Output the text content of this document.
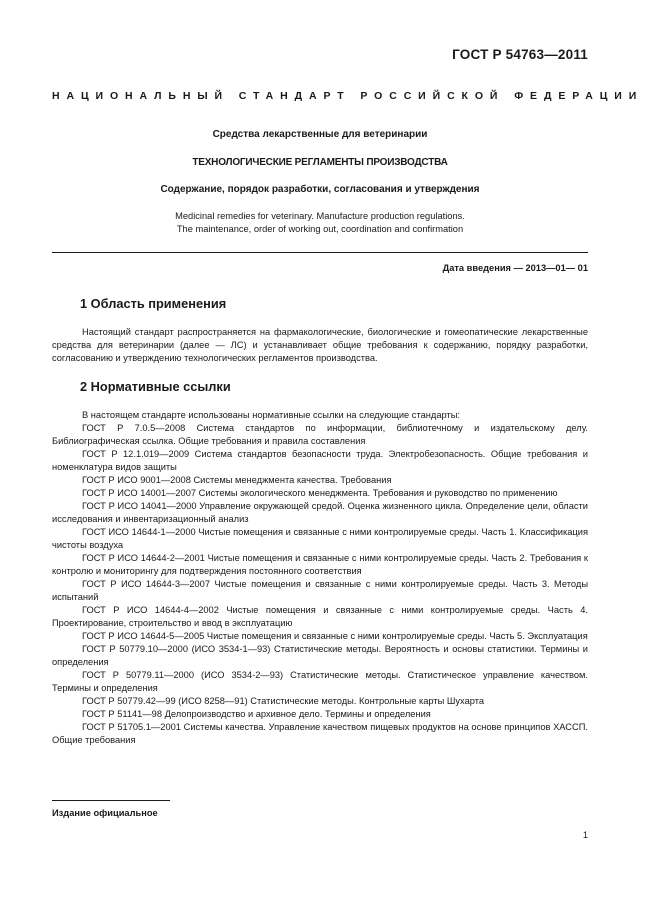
ГОСТ Р 54763—2011
НАЦИОНАЛЬНЫЙ СТАНДАРТ РОССИЙСКОЙ ФЕДЕРАЦИИ

Средства лекарственные для ветеринарии

ТЕХНОЛОГИЧЕСКИЕ РЕГЛАМЕНТЫ ПРОИЗВОДСТВА

Содержание, порядок разработки, согласования и утверждения

Medicinal remedies for veterinary. Manufacture production regulations.
The maintenance, order of working out, coordination and confirmation

Дата введения — 2013—01— 01
1 Область применения

Настоящий стандарт распространяется на фармакологические, биологические и гомеопатические лекарственные средства для ветеринарии (далее — ЛС) и устанавливает общие требования к содержанию, порядку разработки, согласованию и утверждению технологических регламентов производства.

2 Нормативные ссылки

В настоящем стандарте использованы нормативные ссылки на следующие стандарты:

ГОСТ Р 7.0.5—2008 Система стандартов по информации, библиотечному и издательскому делу. Библиографическая ссылка. Общие требования и правила составления
ГОСТ Р 12.1.019—2009 Система стандартов безопасности труда. Электробезопасность. Общие требования и номенклатура видов защиты
ГОСТ Р ИСО 9001—2008 Системы менеджмента качества. Требования
ГОСТ Р ИСО 14001—2007 Системы экологического менеджмента. Требования и руководство по применению
ГОСТ Р ИСО 14041—2000 Управление окружающей средой. Оценка жизненного цикла. Определение цели, области исследования и инвентаризационный анализ
ГОСТ ИСО 14644-1—2000 Чистые помещения и связанные с ними контролируемые среды. Часть 1. Классификация чистоты воздуха
ГОСТ Р ИСО 14644-2—2001 Чистые помещения и связанные с ними контролируемые среды. Часть 2. Требования к контролю и мониторингу для подтверждения постоянного соответствия
ГОСТ Р ИСО 14644-3—2007 Чистые помещения и связанные с ними контролируемые среды. Часть 3. Методы испытаний
ГОСТ Р ИСО 14644-4—2002 Чистые помещения и связанные с ними контролируемые среды. Часть 4. Проектирование, строительство и ввод в эксплуатацию
ГОСТ Р ИСО 14644-5—2005 Чистые помещения и связанные с ними контролируемые среды. Часть 5. Эксплуатация
ГОСТ Р 50779.10—2000 (ИСО 3534-1—93) Статистические методы. Вероятность и основы статистики. Термины и определения
ГОСТ Р 50779.11—2000 (ИСО 3534-2—93) Статистические методы. Статистическое управление качеством. Термины и определения
ГОСТ Р 50779.42—99 (ИСО 8258—91) Статистические методы. Контрольные карты Шухарта
ГОСТ Р 51141—98 Делопроизводство и архивное дело. Термины и определения
ГОСТ Р 51705.1—2001 Системы качества. Управление качеством пищевых продуктов на основе принципов ХАССП. Общие требования
Издание официальное
1
